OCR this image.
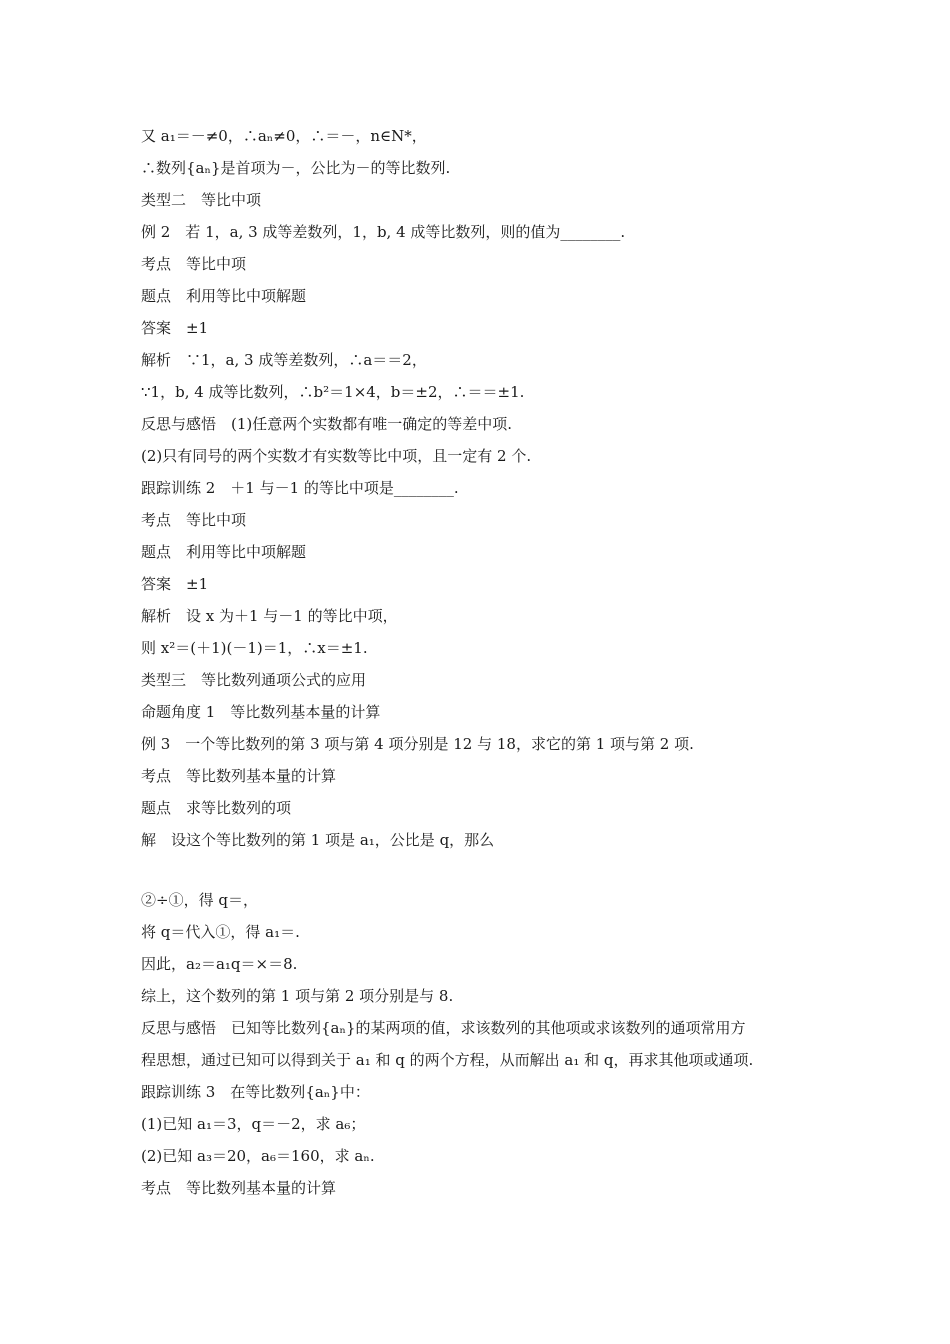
又 a₁＝－≠0，∴aₙ≠0，∴＝－，n∈N*，
∴数列{aₙ}是首项为－，公比为－的等比数列.
类型二　等比中项
例 2　若 1，a, 3 成等差数列，1，b, 4 成等比数列，则的值为________.
考点　等比中项
题点　利用等比中项解题
答案　±1
解析　∵1，a, 3 成等差数列，∴a＝＝2，
∵1，b, 4 成等比数列，∴b²＝1×4，b＝±2，∴＝＝±1.
反思与感悟　(1)任意两个实数都有唯一确定的等差中项.
(2)只有同号的两个实数才有实数等比中项，且一定有 2 个.
跟踪训练 2　＋1 与－1 的等比中项是________.
考点　等比中项
题点　利用等比中项解题
答案　±1
解析　设 x 为＋1 与－1 的等比中项，
则 x²＝(＋1)(－1)＝1，∴x＝±1.
类型三　等比数列通项公式的应用
命题角度 1　等比数列基本量的计算
例 3　一个等比数列的第 3 项与第 4 项分别是 12 与 18，求它的第 1 项与第 2 项.
考点　等比数列基本量的计算
题点　求等比数列的项
解　设这个等比数列的第 1 项是 a₁，公比是 q，那么
②÷①，得 q＝，
将 q＝代入①，得 a₁＝.
因此，a₂＝a₁q＝×＝8.
综上，这个数列的第 1 项与第 2 项分别是与 8.
反思与感悟　已知等比数列{aₙ}的某两项的值，求该数列的其他项或求该数列的通项常用方
程思想，通过已知可以得到关于 a₁ 和 q 的两个方程，从而解出 a₁ 和 q，再求其他项或通项.
跟踪训练 3　在等比数列{aₙ}中：
(1)已知 a₁＝3，q＝－2，求 a₆；
(2)已知 a₃＝20，a₆＝160，求 aₙ.
考点　等比数列基本量的计算
